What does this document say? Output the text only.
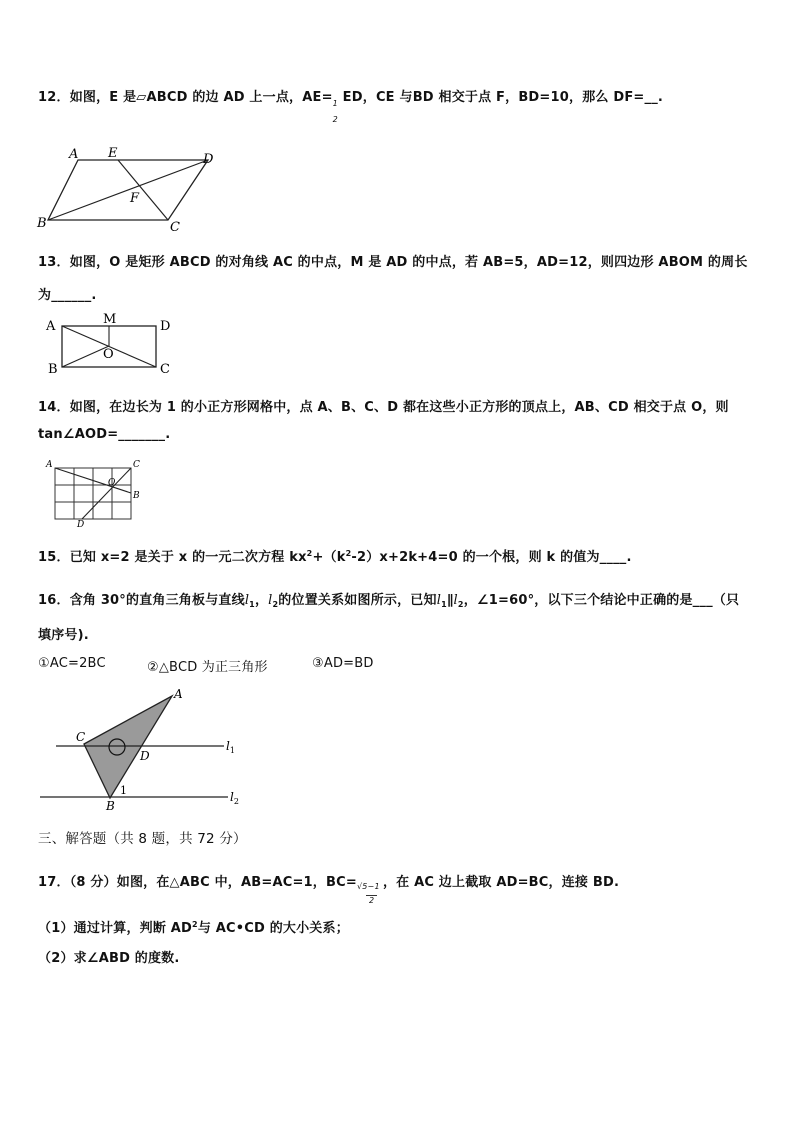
12．如图，E 是▱ABCD 的边 AD 上一点，AE= 1
2
ED，CE 与BD 相交于点 F，BD=10，那么 DF=__.
A E	D
F
B	C
13．如图，O 是矩形 ABCD 的对角线 AC 的中点，M 是 AD 的中点，若 AB=5，AD=12，则四边形 ABOM 的周长
为______.
A	M	D
O
B	C
14．如图，在边长为 1 的小正方形网格中，点 A、B、C、D 都在这些小正方形的顶点上，AB、CD 相交于点 O，则
tan∠AOD=_______.
A	C
O
B
D
15．已知 x=2 是关于 x 的一元二次方程 $kx^2+(k^2-2)x+2k+4=0$ 的一个根，则 k 的值为____.
16．含角 30°的直角三角板与直线$l_1$，$l_2$的位置关系如图所示，已知$l_1\parallel l_2$，∠1=60°，以下三个结论中正确的是___（只
填序号).
①AC=2BC	②△BCD 为正三角形	③AD=BD
A
C
D
$l_1$
1
B
$l_2$
三、解答题（共 8 题，共 72 分）
17．（8 分）如图，在△ABC 中，AB=AC=1，$BC= \frac{√5-1}{2}$ ，在 AC 边上截取 AD=BC，连接 BD.
（1）通过计算，判断 $AD^2$与 AC•CD 的大小关系；
（2）求∠ABD 的度数.
